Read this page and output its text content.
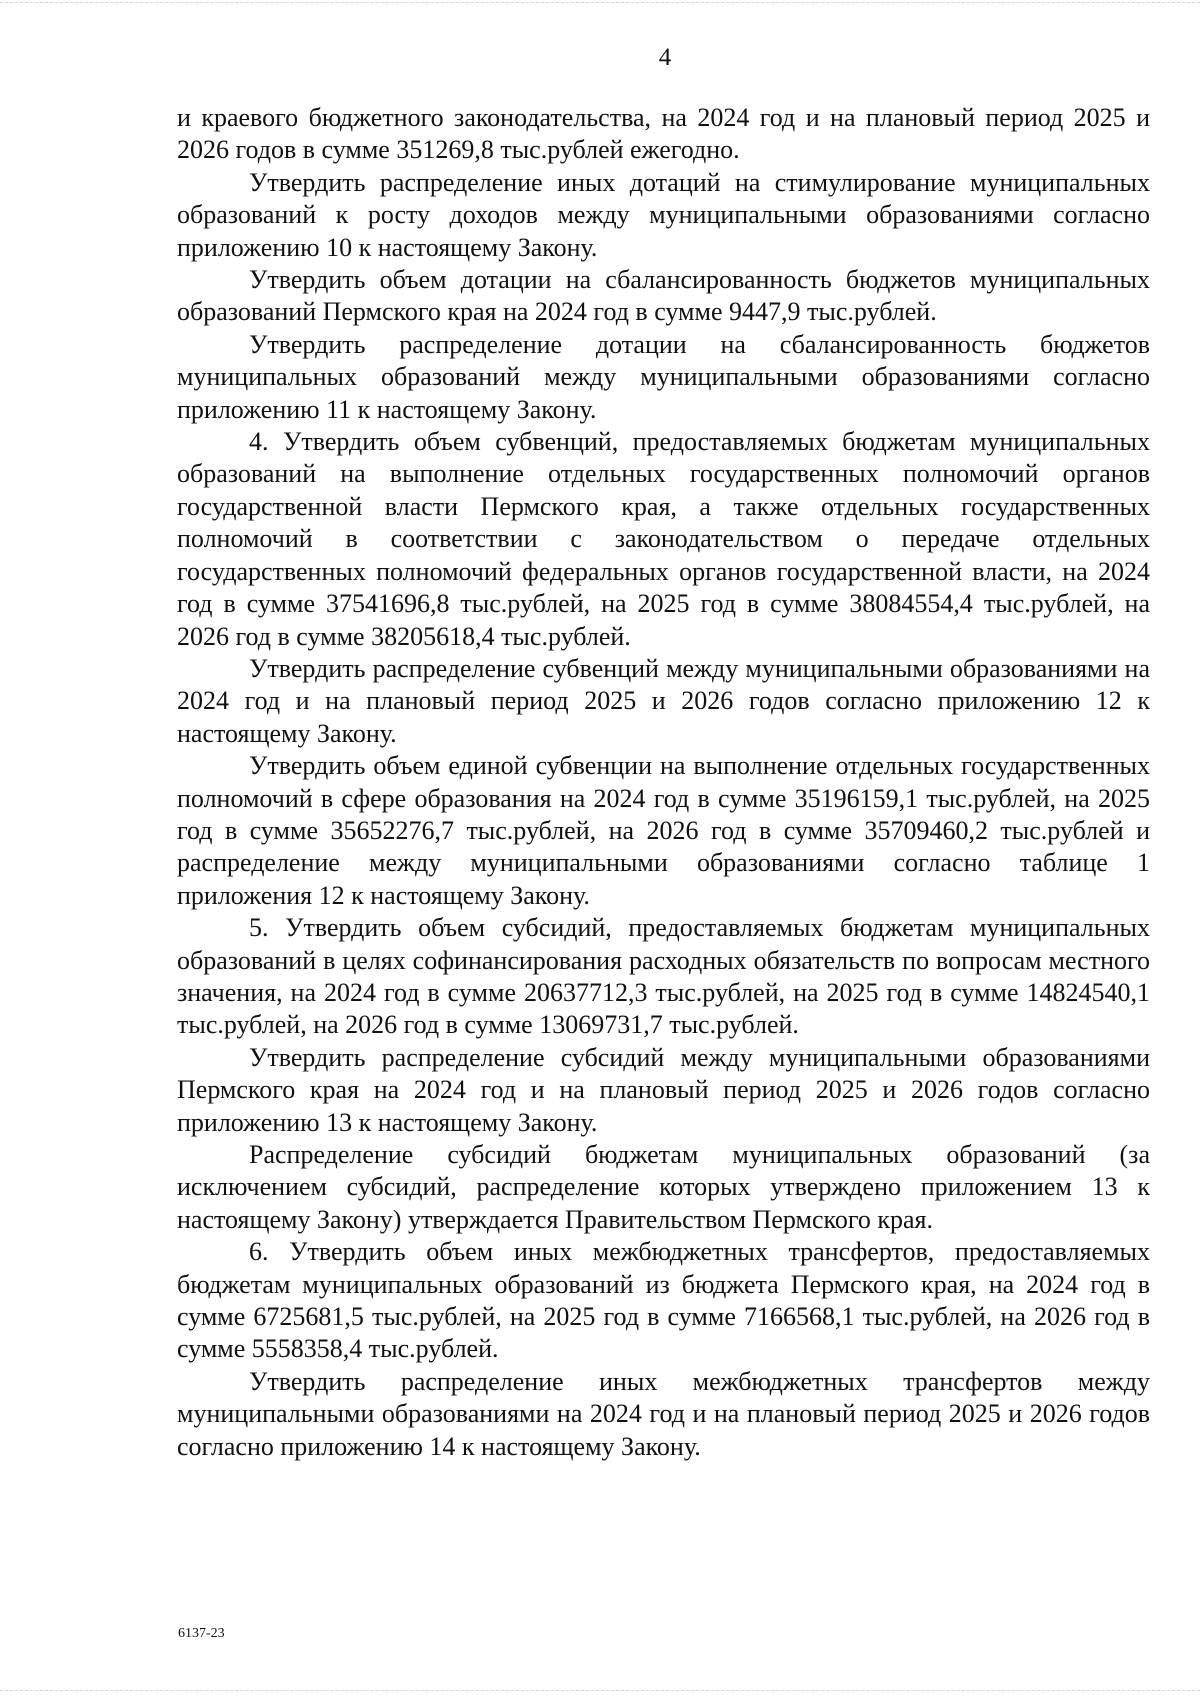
4

и краевого бюджетного законодательства, на 2024 год и на плановый период 2025 и 2026 годов в сумме 351269,8 тыс.рублей ежегодно.

Утвердить распределение иных дотаций на стимулирование муниципальных образований к росту доходов между муниципальными образованиями согласно приложению 10 к настоящему Закону.

Утвердить объем дотации на сбалансированность бюджетов муниципальных образований Пермского края на 2024 год в сумме 9447,9 тыс.рублей.

Утвердить распределение дотации на сбалансированность бюджетов муниципальных образований между муниципальными образованиями согласно приложению 11 к настоящему Закону.

4. Утвердить объем субвенций, предоставляемых бюджетам муниципальных образований на выполнение отдельных государственных полномочий органов государственной власти Пермского края, а также отдельных государственных полномочий в соответствии с законодательством о передаче отдельных государственных полномочий федеральных органов государственной власти, на 2024 год в сумме 37541696,8 тыс.рублей, на 2025 год в сумме 38084554,4 тыс.рублей, на 2026 год в сумме 38205618,4 тыс.рублей.

Утвердить распределение субвенций между муниципальными образованиями на 2024 год и на плановый период 2025 и 2026 годов согласно приложению 12 к настоящему Закону.

Утвердить объем единой субвенции на выполнение отдельных государственных полномочий в сфере образования на 2024 год в сумме 35196159,1 тыс.рублей, на 2025 год в сумме 35652276,7 тыс.рублей, на 2026 год в сумме 35709460,2 тыс.рублей и распределение между муниципальными образованиями согласно таблице 1 приложения 12 к настоящему Закону.

5. Утвердить объем субсидий, предоставляемых бюджетам муниципальных образований в целях софинансирования расходных обязательств по вопросам местного значения, на 2024 год в сумме 20637712,3 тыс.рублей, на 2025 год в сумме 14824540,1 тыс.рублей, на 2026 год в сумме 13069731,7 тыс.рублей.

Утвердить распределение субсидий между муниципальными образованиями Пермского края на 2024 год и на плановый период 2025 и 2026 годов согласно приложению 13 к настоящему Закону.

Распределение субсидий бюджетам муниципальных образований (за исключением субсидий, распределение которых утверждено приложением 13 к настоящему Закону) утверждается Правительством Пермского края.

6. Утвердить объем иных межбюджетных трансфертов, предоставляемых бюджетам муниципальных образований из бюджета Пермского края, на 2024 год в сумме 6725681,5 тыс.рублей, на 2025 год в сумме 7166568,1 тыс.рублей, на 2026 год в сумме 5558358,4 тыс.рублей.

Утвердить распределение иных межбюджетных трансфертов между муниципальными образованиями на 2024 год и на плановый период 2025 и 2026 годов согласно приложению 14 к настоящему Закону.

6137-23
